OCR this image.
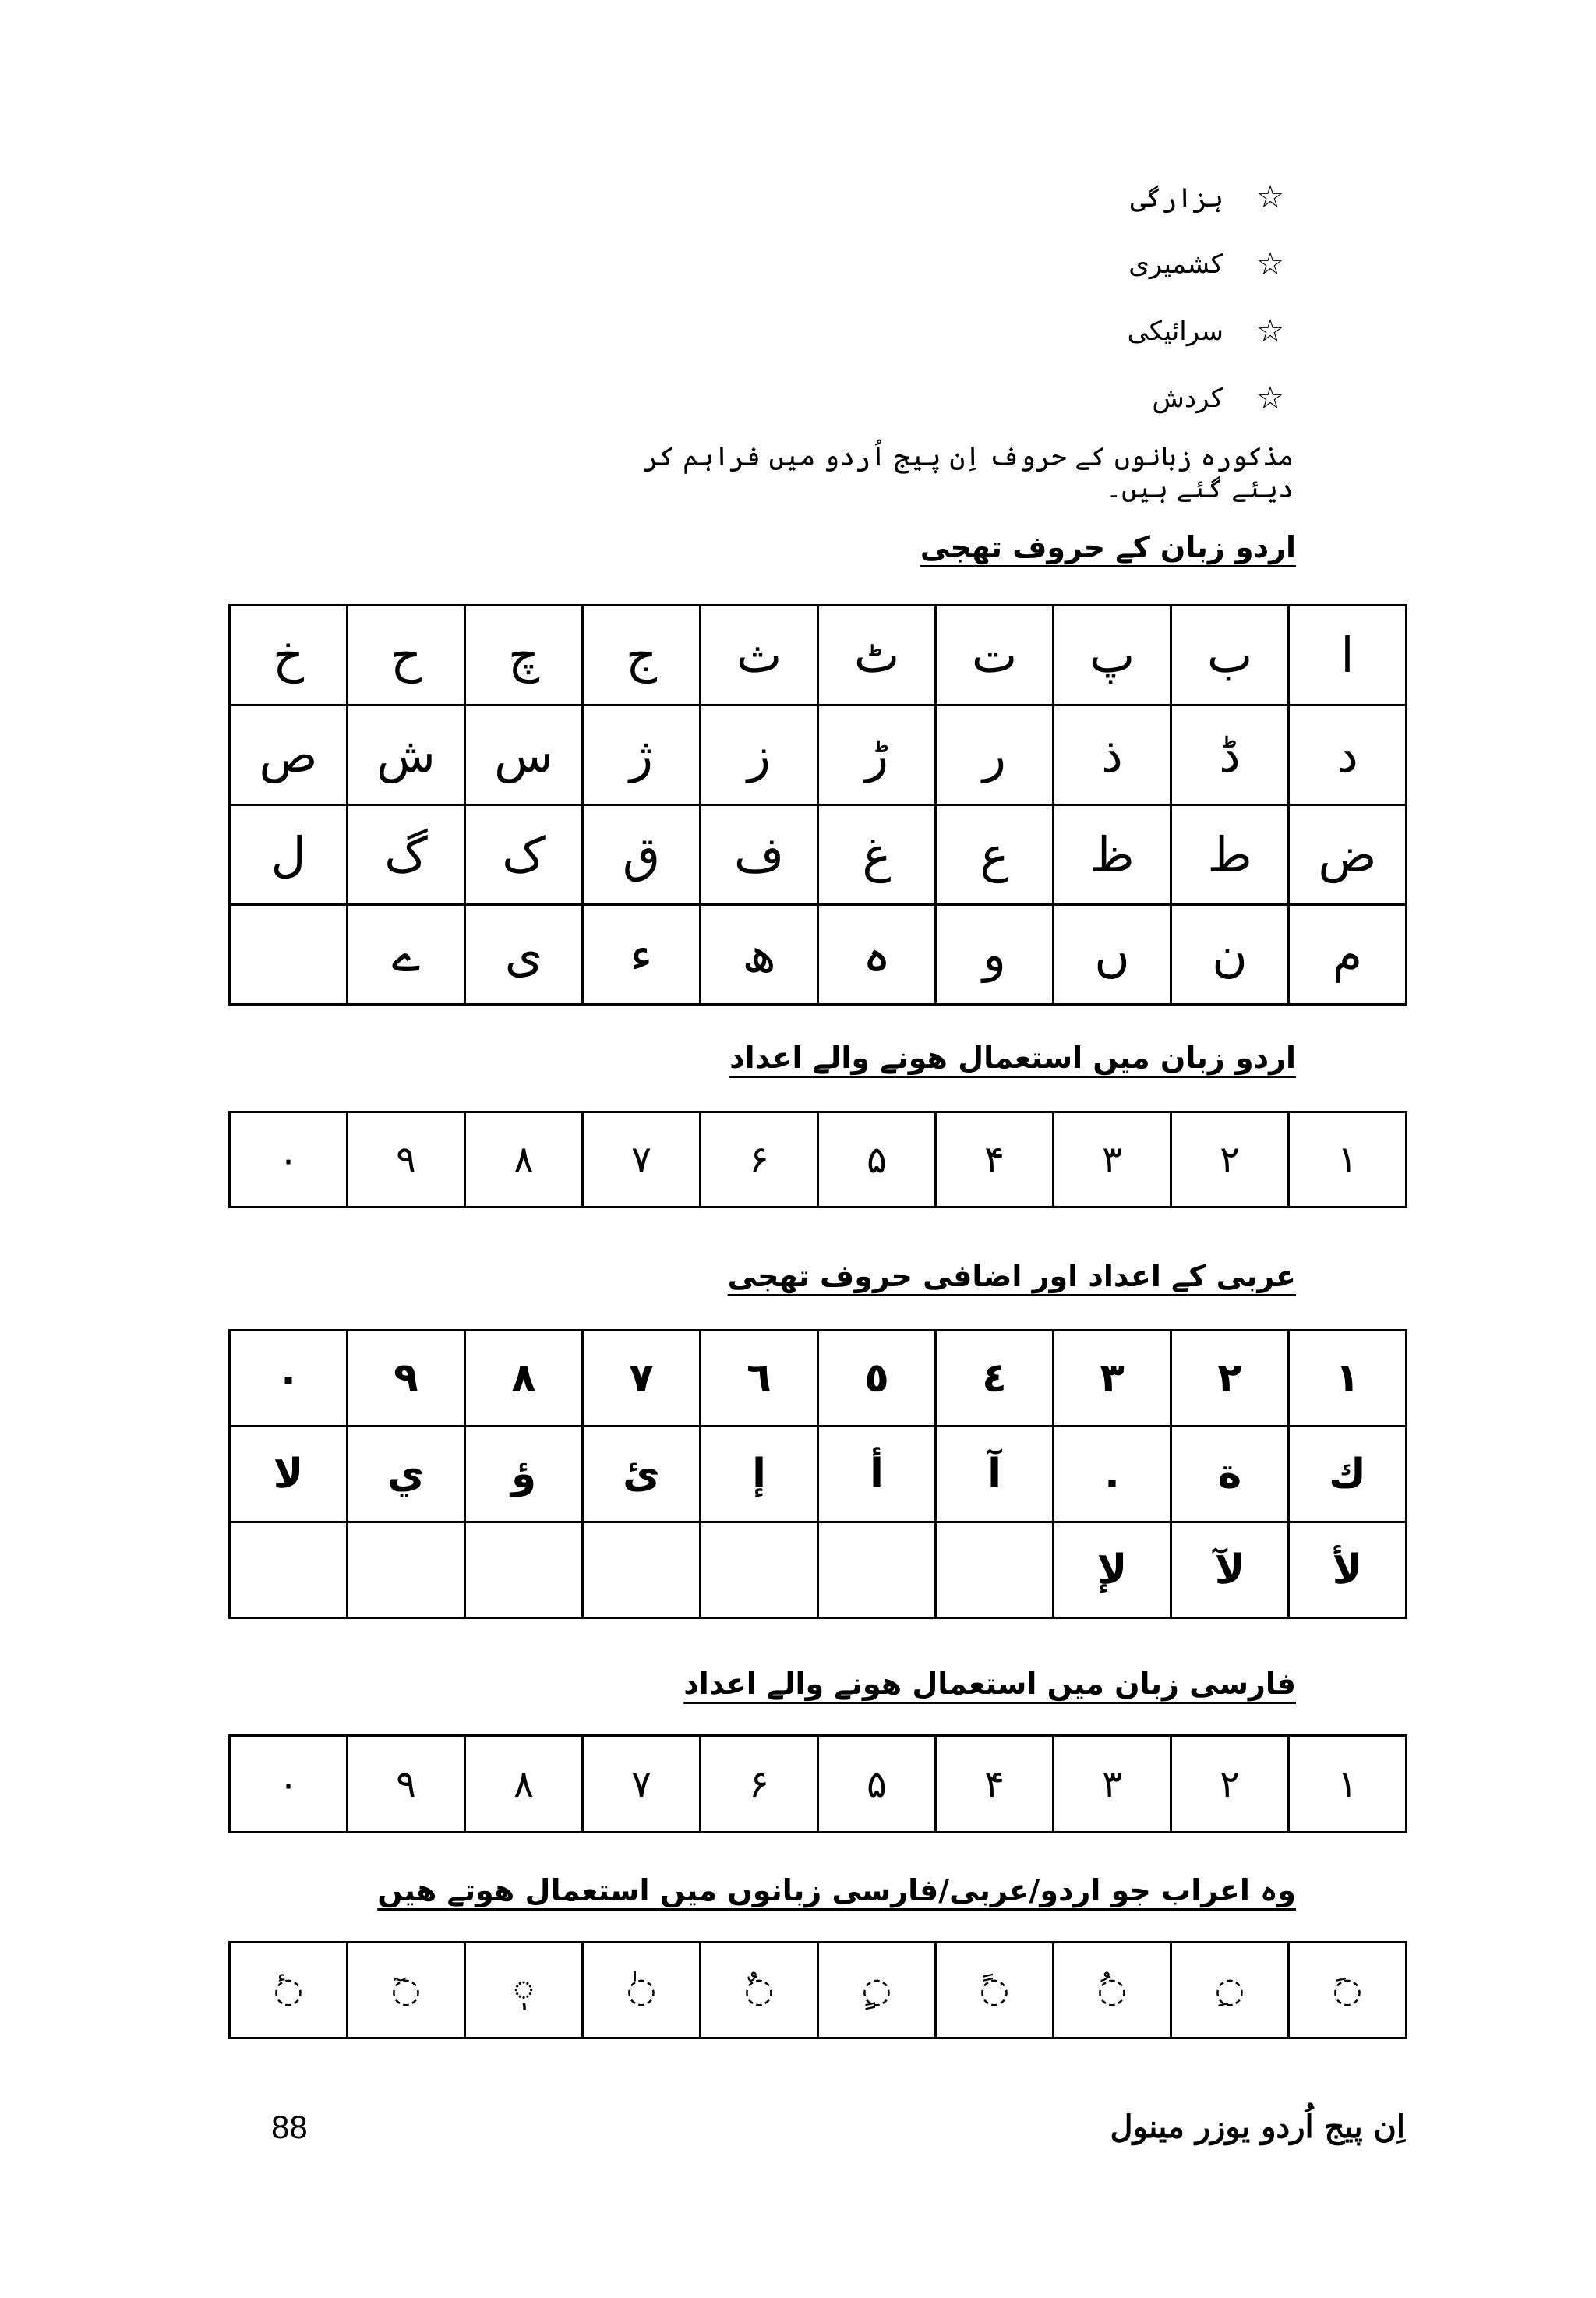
☆
ہزارگی
☆
کشمیری
☆
سرائیکی
☆
کردش
مذکورہ زبانوں کے حروف اِن پیج اُردو میں فراہم کر دیئے گئے ہیں۔
اردو زبان کے حروف تهجی
ا	ب	پ	ت	ٹ	ث	ج	چ	ح	خ
د	ڈ	ذ	ر	ڑ	ز	ژ	س	ش	ص
ض	ط	ظ	ع	غ	ف	ق	ک	گ	ل
م	ن	ں	و	ہ	ھ	ء	ی	ے	
اردو زبان میں استعمال هونے والے اعداد
۱	۲	۳	۴	۵	۶	۷	۸	۹	۰
عربی کے اعداد اور اضافی حروف تهجی
١	٢	٣	٤	٥	٦	٧	٨	٩	٠
ك	ة	.	آ	أ	إ	ئ	ؤ	ي	لا
لأ	لآ	لإ							
فارسی زبان میں استعمال هونے والے اعداد
١	٢	٣	۴	۵	۶	٧	٨	٩	٠
وہ اعراب جو اردو/عربی/فارسی زبانوں میں استعمال هوتے هیں
◌َ	◌ِ	◌ُ	◌ً	◌ٍ	◌ٌ	◌ٰ	◌ٖ	◌ٓ	◌ٔ
اِن پیج اُردو یوزر مینول
88
